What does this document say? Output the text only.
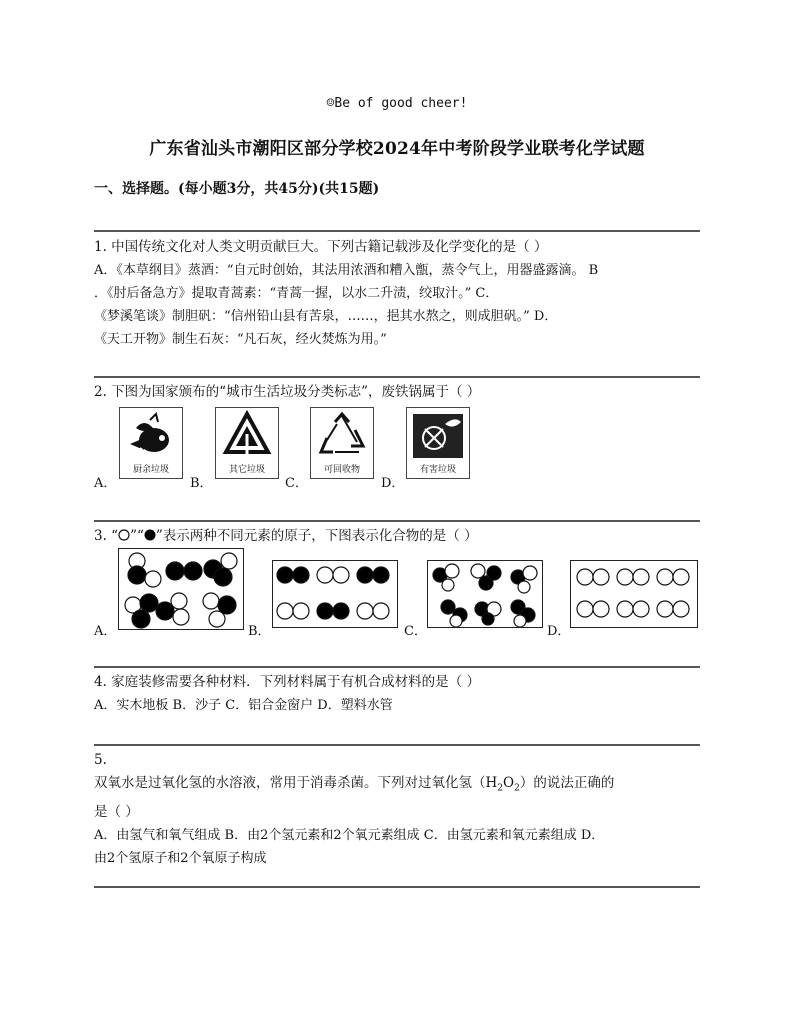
☺Be of good cheer!
广东省汕头市潮阳区部分学校2024年中考阶段学业联考化学试题
一、选择题。(每小题3分，共45分)(共15题)

1. 中国传统文化对人类文明贡献巨大。下列古籍记载涉及化学变化的是（ ）

A．《本草纲目》蒸酒：“自元时创始，其法用浓酒和糟入甑，蒸令气上，用器盛露滴。 B

．《肘后备急方》提取青蒿素：“青蒿一握，以水二升渍，绞取汁。” C．

《梦溪笔谈》制胆矾：“信州铅山县有苦泉，……，挹其水熬之，则成胆矾。” D．

《天工开物》制生石灰：“凡石灰，经火焚炼为用。”

2. 下图为国家颁布的“城市生活垃圾分类标志”，废铁锅属于（ ）

A．	B．	C．	D．
厨余垃圾	其它垃圾	可回收物	有害垃圾

3. “ ”“ ”表示两种不同元素的原子，下图表示化合物的是（ ）

A．	B．	C．	D．

4. 家庭装修需要各种材料．下列材料属于有机合成材料的是（ ）

A．实木地板 B．沙子 C．铝合金窗户 D．塑料水管

5.

双氧水是过氧化氢的水溶液，常用于消毒杀菌。下列对过氧化氢$(H_2O_2)$的说法正确的

是（ ）

A．由氢气和氧气组成 B．由2个氢元素和2个氧元素组成 C．由氢元素和氧元素组成 D．

由2个氢原子和2个氧原子构成
